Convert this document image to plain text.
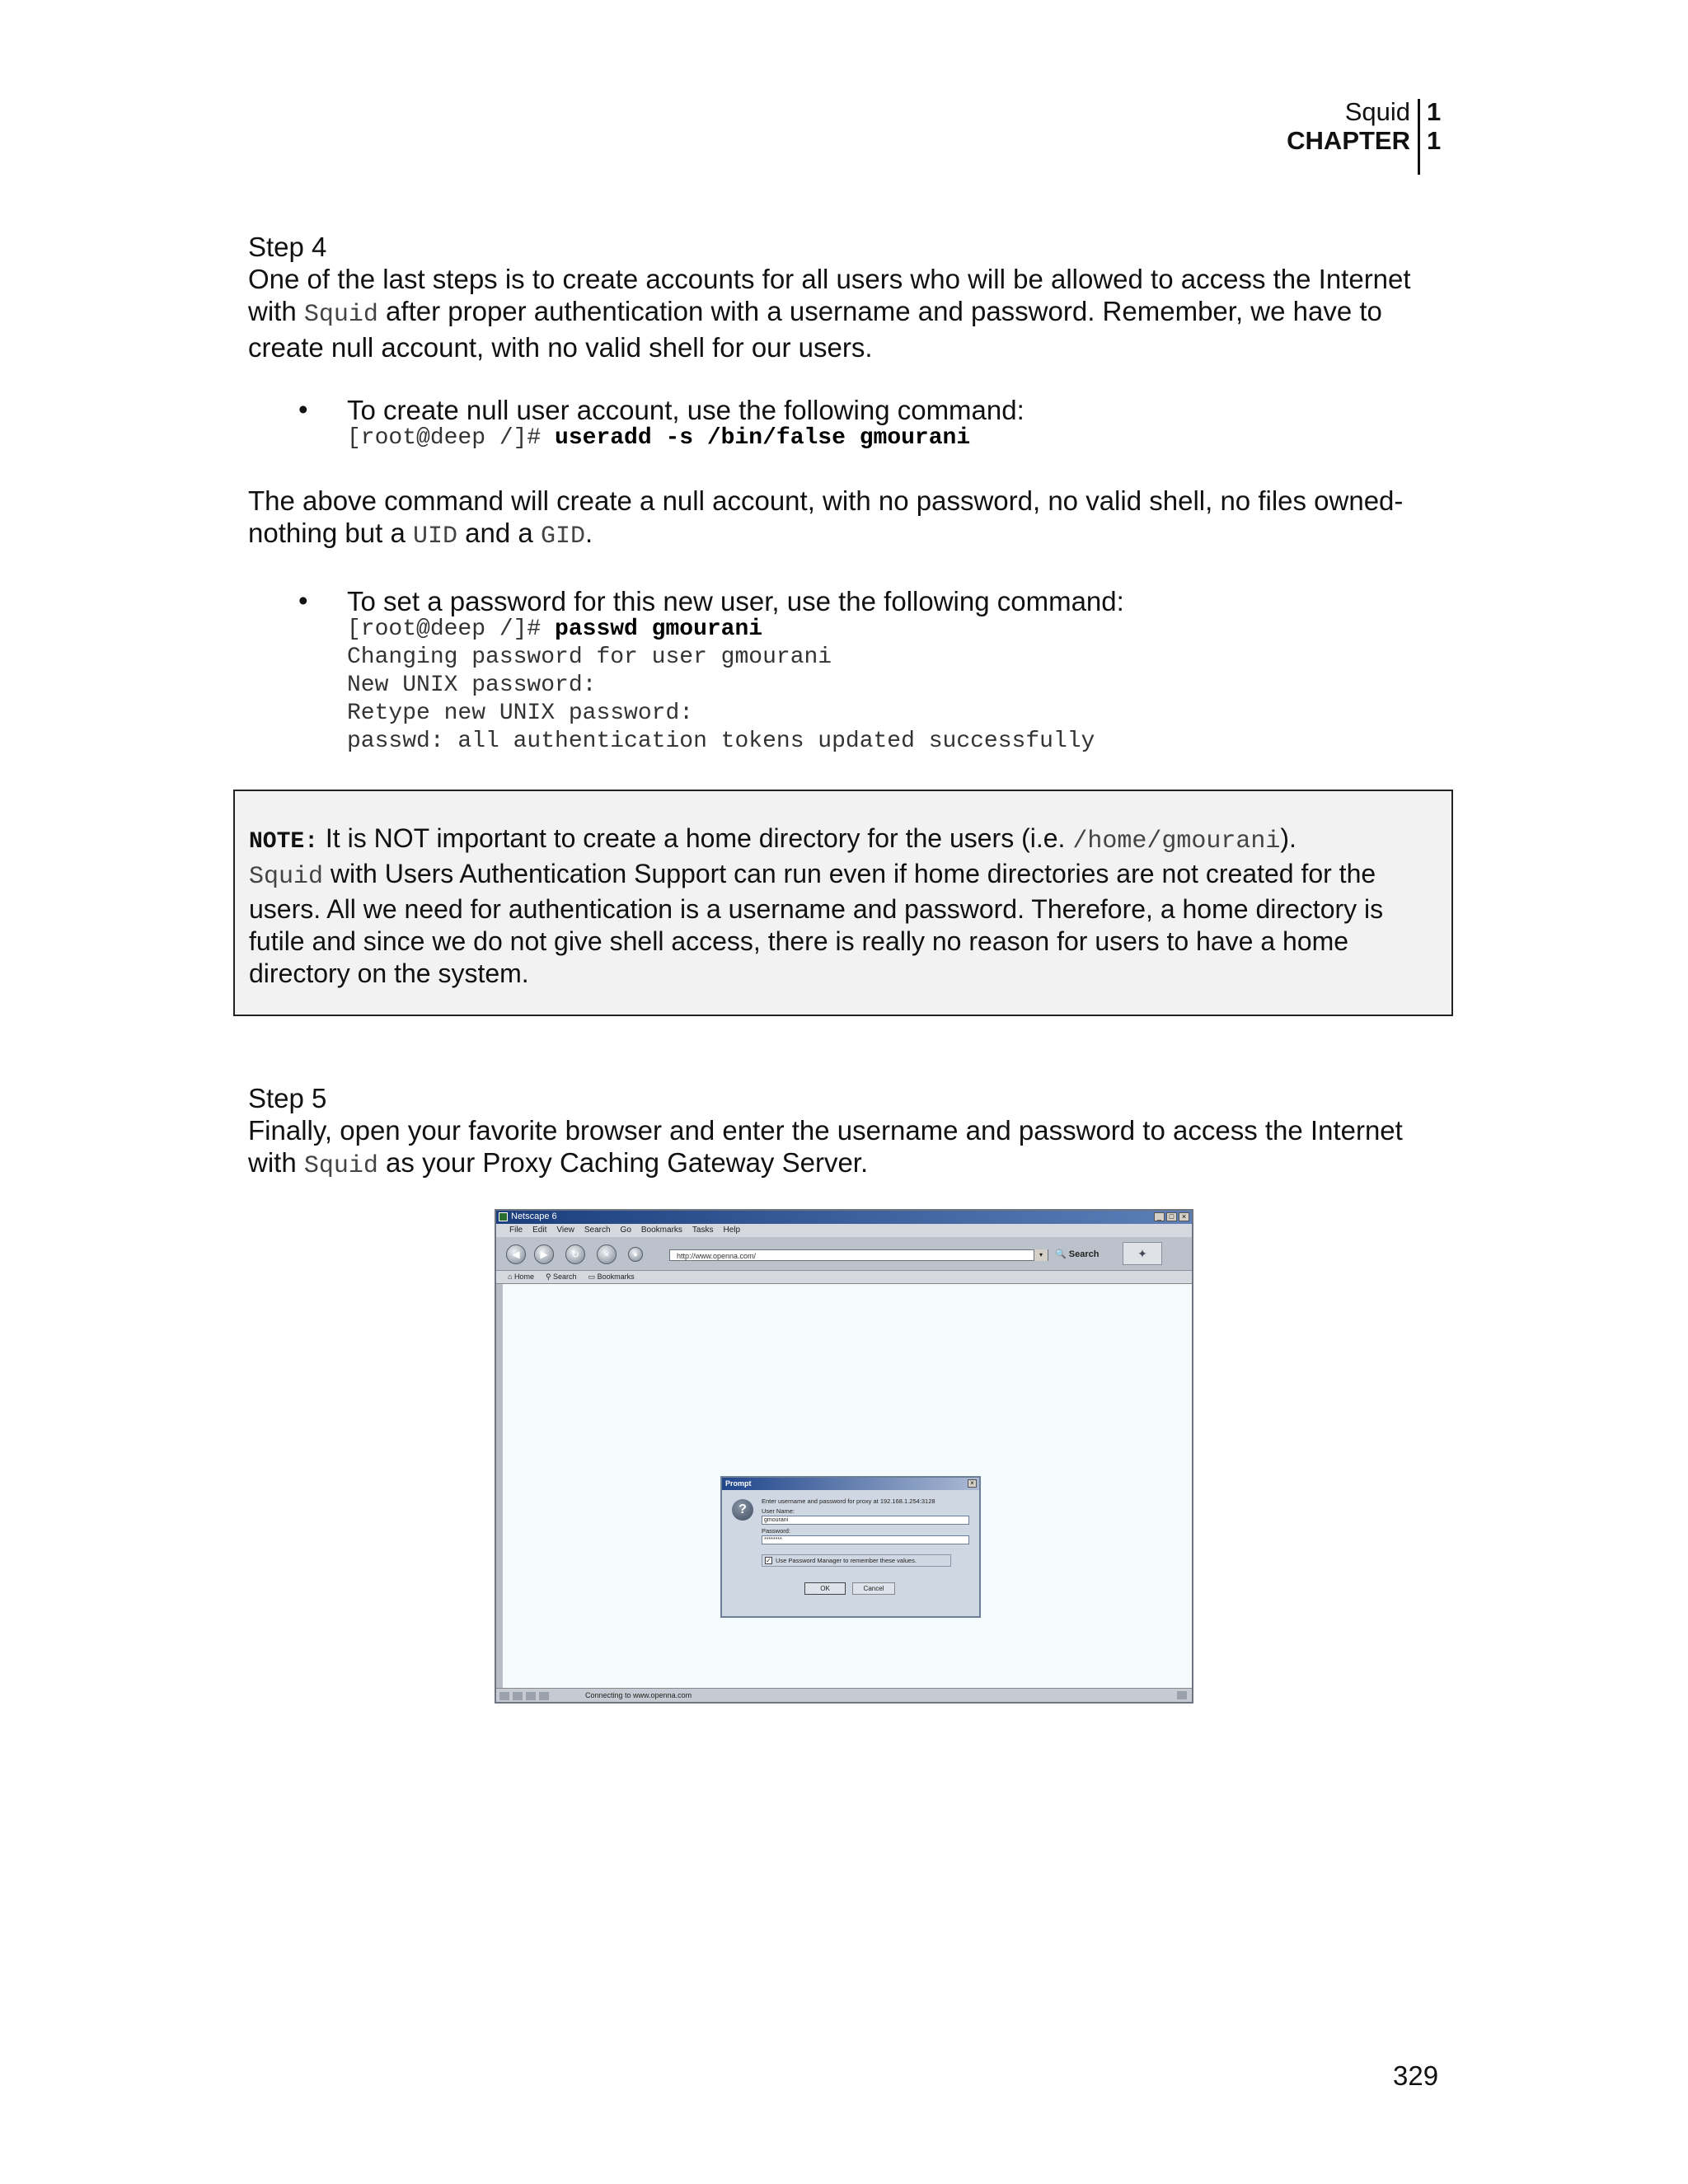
Squid
CHAPTER
1
1
Step 4
One of the last steps is to create accounts for all users who will be allowed to access the Internet
with Squid after proper authentication with a username and password. Remember, we have to
create null account, with no valid shell for our users.
• To create null user account, use the following command:
[root@deep /]# useradd -s /bin/false gmourani
The above command will create a null account, with no password, no valid shell, no files owned-
nothing but a UID and a GID.
• To set a password for this new user, use the following command:
[root@deep /]# passwd gmourani
Changing password for user gmourani
New UNIX password:
Retype new UNIX password:
passwd: all authentication tokens updated successfully
NOTE: It is NOT important to create a home directory for the users (i.e. /home/gmourani).
Squid with Users Authentication Support can run even if home directories are not created for the
users. All we need for authentication is a username and password. Therefore, a home directory is
futile and since we do not give shell access, there is really no reason for users to have a home
directory on the system.
Step 5
Finally, open your favorite browser and enter the username and password to access the Internet
with Squid as your Proxy Caching Gateway Server.
Netscape 6	_	□	×
File Edit View Search Go Bookmarks Tasks Help
◀	▶	↻	×	●	http://www.openna.com/	▾	🔍 Search	✦
⌂ Home ⚲ Search ▭ Bookmarks
Prompt	×
?
Enter username and password for proxy at 192.168.1.254:3128
User Name:
gmourani
Password:
********
✓ Use Password Manager to remember these values.
OK	Cancel
Connecting to www.openna.com
329
